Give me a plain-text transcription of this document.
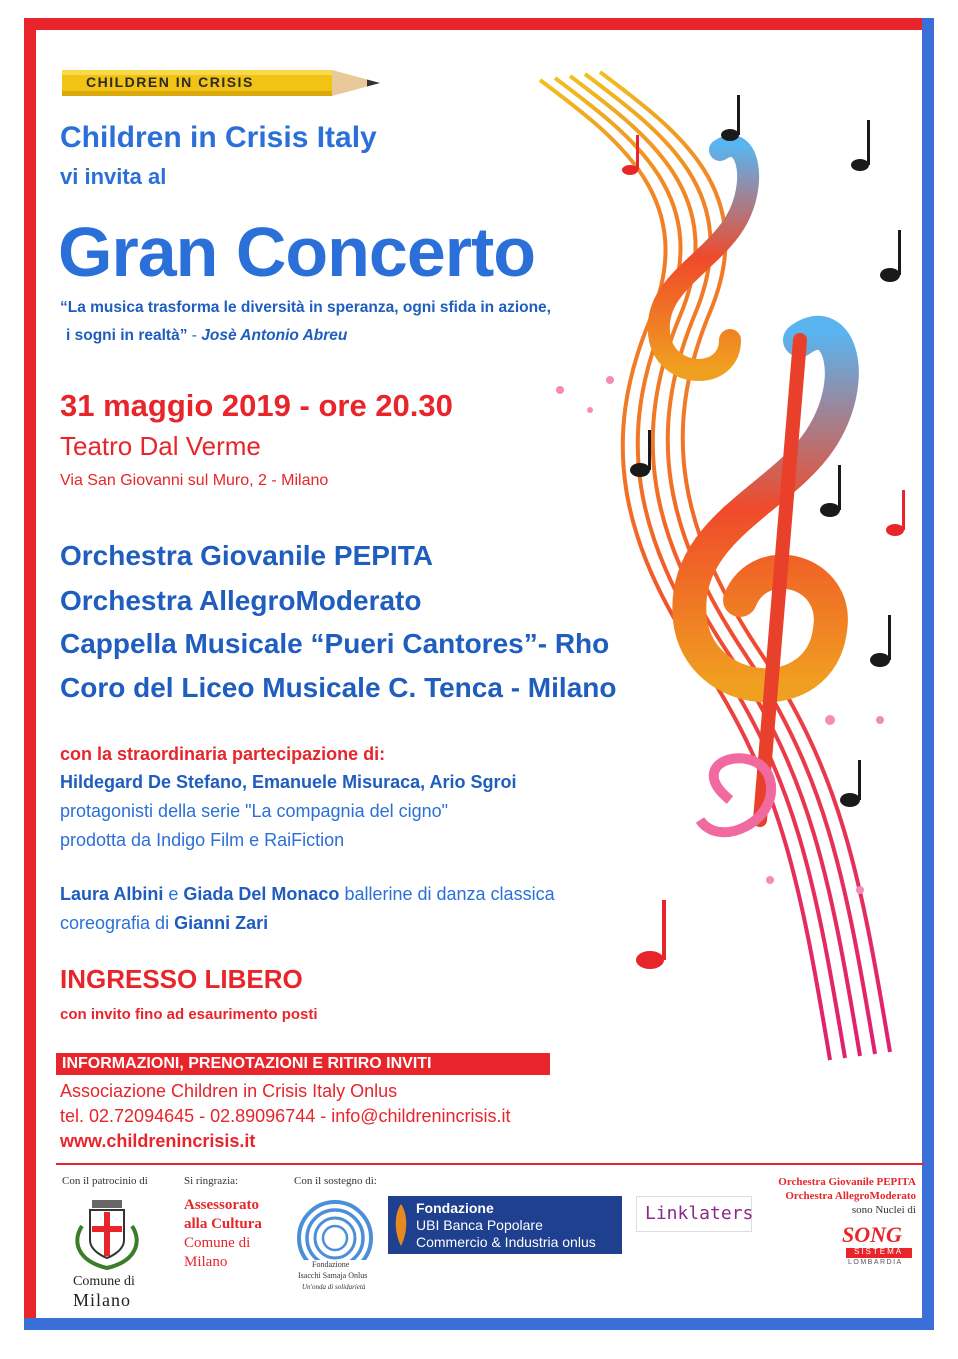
CHILDREN IN CRISIS
Children in Crisis Italy
vi invita al
Gran Concerto
“La musica trasforma le diversità in speranza, ogni sfida in azione,
i sogni in realtà” - Josè Antonio Abreu
31 maggio 2019 - ore 20.30
Teatro Dal Verme
Via San Giovanni sul Muro, 2 - Milano
Orchestra Giovanile PEPITA
Orchestra AllegroModerato
Cappella Musicale “Pueri Cantores”- Rho
Coro del Liceo Musicale C. Tenca - Milano
con la straordinaria partecipazione di:
Hildegard De Stefano, Emanuele Misuraca, Ario Sgroi
protagonisti della serie "La compagnia del cigno"
prodotta da Indigo Film e RaiFiction
Laura Albini e Giada Del Monaco ballerine di danza classica
coreografia di Gianni Zari
INGRESSO LIBERO
con invito fino ad esaurimento posti
INFORMAZIONI, PRENOTAZIONI E RITIRO INVITI
Associazione Children in Crisis Italy Onlus
tel. 02.72094645 - 02.89096744 - info@childrenincrisis.it
www.childrenincrisis.it
Con il patrocinio di
Comune di
Milano
Si ringrazia:
Assessorato
alla Cultura
Comune di
Milano
Con il sostegno di:
Fondazione
Isacchi Samaja Onlus
Un'onda di solidarietà
Fondazione
UBI Banca Popolare
Commercio & Industria onlus
Linklaters
Orchestra Giovanile PEPITA
Orchestra AllegroModerato
sono Nuclei di
SONG
SISTEMA
LOMBARDIA
